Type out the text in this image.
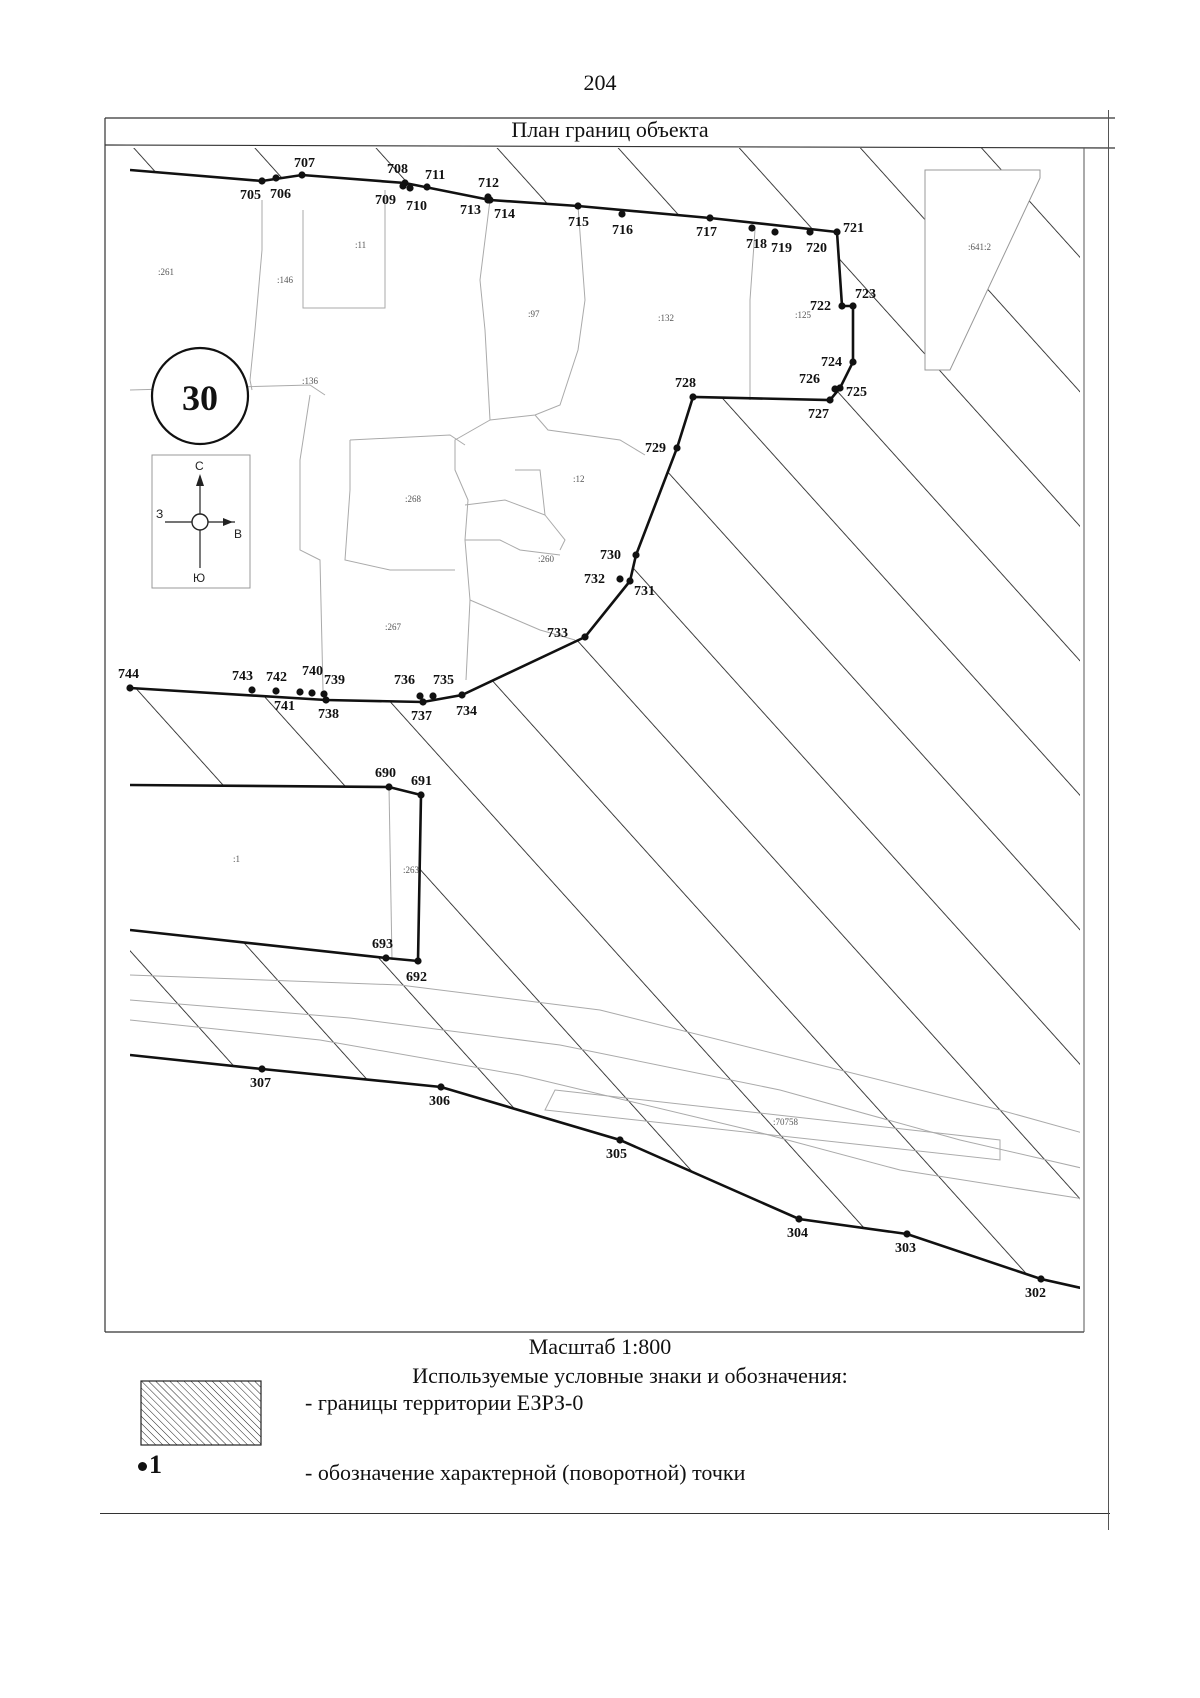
204
705 706
707	708
709 710
711
712
713 714
715
716	717
718 719 720
721
722
723
724
725
726
727
728
729
730
731
732
733
734
735
736
737
738
739
740
741
742
743
744
690
691
692
693
307
306
305
304
303
302
:11
:146
:261
:97	:132	:125
:641:2
:136
:12
:268
:260
:267
:1
:263
:70758
30
С
Ю
З
В
План границ объекта
Масштаб 1:800
Используемые условные знаки и обозначения:
- границы территории ЕЗРЗ-0
1	- обозначение характерной (поворотной) точки
